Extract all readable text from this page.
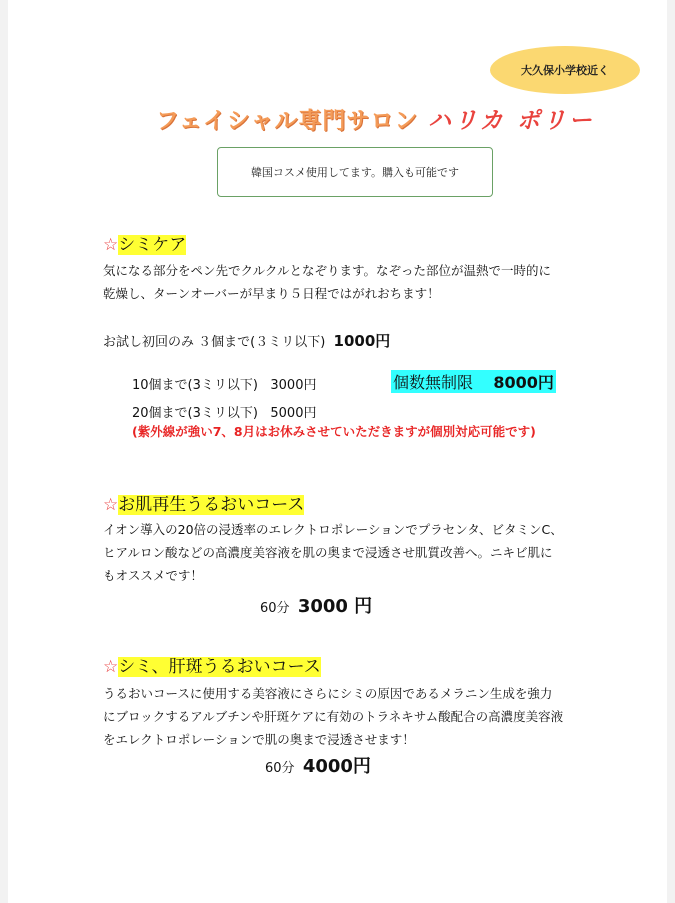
大久保小学校近く
フェイシャル専門サロン ハリカ ポリー
韓国コスメ使用してます。購入も可能です
☆シミケア
気になる部分をペン先でクルクルとなぞります。なぞった部位が温熱で一時的に
乾燥し、ターンオーバーが早まり５日程ではがれおちます！
お試し初回のみ ３個まで(３ミリ以下) 1000円
10個まで(3ミリ以下) 3000円	個数無制限 8000円
20個まで(3ミリ以下) 5000円
(紫外線が強い7、8月はお休みさせていただきますが個別対応可能です)
☆お肌再生うるおいコース
イオン導入の20倍の浸透率のエレクトロポレーションでプラセンタ、ビタミンC、
ヒアルロン酸などの高濃度美容液を肌の奥まで浸透させ肌質改善へ。ニキビ肌に
もオススメです！
60分 3000 円
☆シミ、肝斑うるおいコース
うるおいコースに使用する美容液にさらにシミの原因であるメラニン生成を強力
にブロックするアルブチンや肝斑ケアに有効のトラネキサム酸配合の高濃度美容液
をエレクトロポレーションで肌の奥まで浸透させます！
60分 4000円
